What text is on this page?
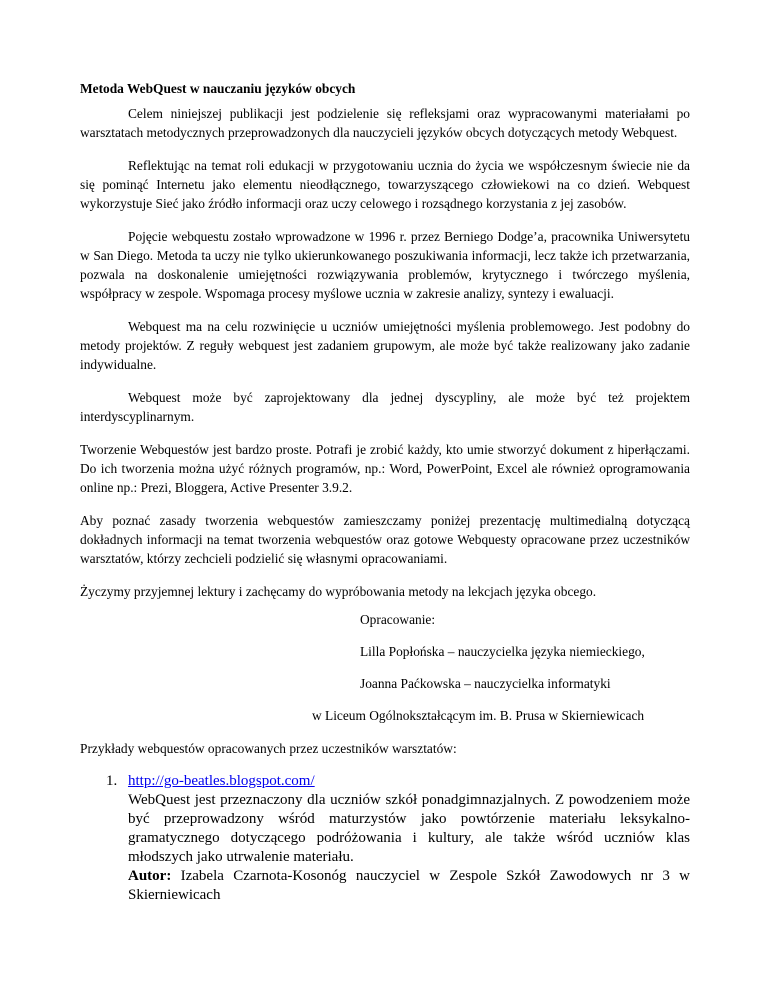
Metoda WebQuest w nauczaniu języków obcych

Celem niniejszej publikacji jest podzielenie się refleksjami oraz wypracowanymi materiałami po warsztatach metodycznych przeprowadzonych dla nauczycieli języków obcych dotyczących metody Webquest.

Reflektując na temat roli edukacji w przygotowaniu ucznia do życia we współczesnym świecie nie da się pominąć Internetu jako elementu nieodłącznego, towarzyszącego człowiekowi na co dzień. Webquest wykorzystuje Sieć jako źródło informacji oraz uczy celowego i rozsądnego korzystania z jej zasobów.

Pojęcie webquestu zostało wprowadzone w 1996 r. przez Berniego Dodge’a, pracownika Uniwersytetu w San Diego. Metoda ta uczy nie tylko ukierunkowanego poszukiwania informacji, lecz także ich przetwarzania, pozwala na doskonalenie umiejętności rozwiązywania problemów, krytycznego i twórczego myślenia, współpracy w zespole. Wspomaga procesy myślowe ucznia w zakresie analizy, syntezy i ewaluacji.

Webquest ma na celu rozwinięcie u uczniów umiejętności myślenia problemowego. Jest podobny do metody projektów. Z reguły webquest jest zadaniem grupowym, ale może być także realizowany jako zadanie indywidualne.

Webquest może być zaprojektowany dla jednej dyscypliny, ale może być też projektem interdyscyplinarnym.

Tworzenie Webquestów jest bardzo proste. Potrafi je zrobić każdy, kto umie stworzyć dokument z hiperłączami. Do ich tworzenia można użyć różnych programów, np.: Word, PowerPoint, Excel ale również oprogramowania online np.: Prezi, Bloggera, Active Presenter 3.9.2.

Aby poznać zasady tworzenia webquestów zamieszczamy poniżej prezentację multimedialną dotyczącą dokładnych informacji na temat tworzenia webquestów oraz gotowe Webquesty opracowane przez uczestników warsztatów, którzy zechcieli podzielić się własnymi opracowaniami.

Życzymy przyjemnej lektury i zachęcamy do wypróbowania metody na lekcjach języka obcego.

Opracowanie:
Lilla Popłońska – nauczycielka języka niemieckiego,
Joanna Paćkowska – nauczycielka informatyki
w Liceum Ogólnokształcącym im. B. Prusa w Skierniewicach

Przykłady webquestów opracowanych przez uczestników warsztatów:

1. http://go-beatles.blogspot.com/
WebQuest jest przeznaczony dla uczniów szkół ponadgimnazjalnych. Z powodzeniem może być przeprowadzony wśród maturzystów jako powtórzenie materiału leksykalno-gramatycznego dotyczącego podróżowania i kultury, ale także wśród uczniów klas młodszych jako utrwalenie materiału.
Autor: Izabela Czarnota-Kosonóg nauczyciel w Zespole Szkół Zawodowych nr 3 w Skierniewicach
